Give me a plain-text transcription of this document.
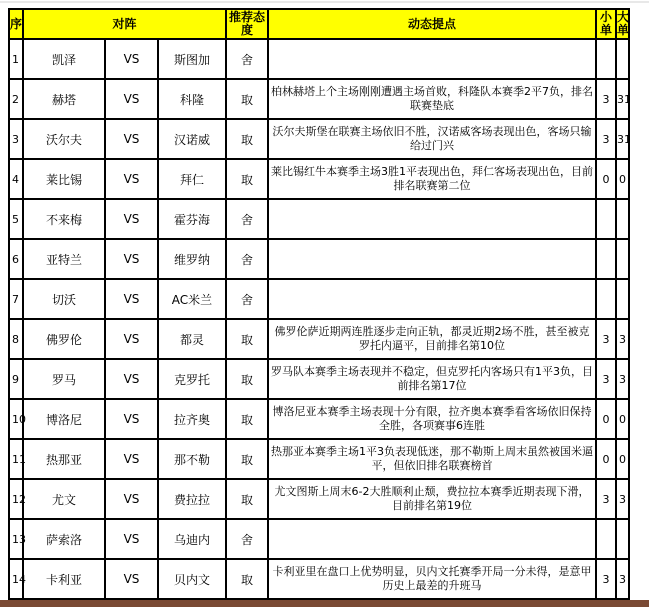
序	对阵			推荐态度	动态提点	小单	大单
1	凯泽	VS	斯图加	舍			
2	赫塔	VS	科隆	取	柏林赫塔上个主场刚刚遭遇主场首败，科隆队本赛季2平7负，排名联赛垫底	3	31
3	沃尔夫	VS	汉诺威	取	沃尔夫斯堡在联赛主场依旧不胜，汉诺威客场表现出色，客场只输给过门兴	3	31
4	莱比锡	VS	拜仁	取	莱比锡红牛本赛季主场3胜1平表现出色，拜仁客场表现出色，目前排名联赛第二位	0	0
5	不来梅	VS	霍芬海	舍			
6	亚特兰	VS	维罗纳	舍			
7	切沃	VS	AC米兰	舍			
8	佛罗伦	VS	都灵	取	佛罗伦萨近期两连胜逐步走向正轨，都灵近期2场不胜，甚至被克罗托内逼平，目前排名第10位	3	3
9	罗马	VS	克罗托	取	罗马队本赛季主场表现并不稳定，但克罗托内客场只有1平3负，目前排名第17位	3	3
10	博洛尼	VS	拉齐奥	取	博洛尼亚本赛季主场表现十分有限，拉齐奥本赛季看客场依旧保持全胜，各项赛事6连胜	0	0
11	热那亚	VS	那不勒	取	热那亚本赛季主场1平3负表现低迷，那不勒斯上周末虽然被国米逼平，但依旧排名联赛榜首	0	0
12	尤文	VS	费拉拉	取	尤文图斯上周末6-2大胜顺利止颓，费拉拉本赛季近期表现下滑，目前排名第19位	3	3
13	萨索洛	VS	乌迪内	舍			
14	卡利亚	VS	贝内文	取	卡利亚里在盘口上优势明显，贝内文托赛季开局一分未得，是意甲历史上最差的升班马	3	3
